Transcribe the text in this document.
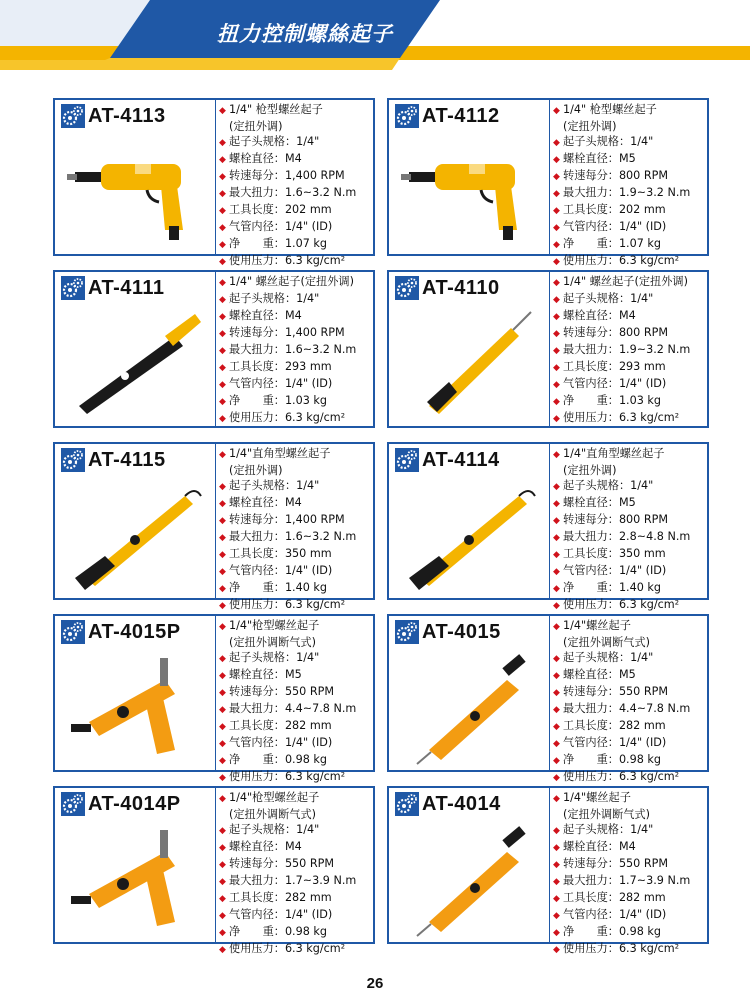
扭力控制螺絲起子
AT-4113	◆ 1/4" 枪型螺丝起子
(定扭外调)
◆ 起子头规格：1/4"
◆ 螺栓直径：M4
◆ 转速每分：1,400 RPM
◆ 最大扭力：1.6~3.2 N.m
◆ 工具长度：202 mm
◆ 气管内径：1/4" (ID)
◆ 净　　重：1.07 kg
◆ 使用压力：6.3 kg/cm²
AT-4112	◆ 1/4" 枪型螺丝起子
(定扭外调)
◆ 起子头规格：1/4"
◆ 螺栓直径：M5
◆ 转速每分：800 RPM
◆ 最大扭力：1.9~3.2 N.m
◆ 工具长度：202 mm
◆ 气管内径：1/4" (ID)
◆ 净　　重：1.07 kg
◆ 使用压力：6.3 kg/cm²
AT-4111	◆ 1/4" 螺丝起子(定扭外调)
◆ 起子头规格：1/4"
◆ 螺栓直径：M4
◆ 转速每分：1,400 RPM
◆ 最大扭力：1.6~3.2 N.m
◆ 工具长度：293 mm
◆ 气管内径：1/4" (ID)
◆ 净　　重：1.03 kg
◆ 使用压力：6.3 kg/cm²
AT-4110	◆ 1/4" 螺丝起子(定扭外调)
◆ 起子头规格：1/4"
◆ 螺栓直径：M4
◆ 转速每分：800 RPM
◆ 最大扭力：1.9~3.2 N.m
◆ 工具长度：293 mm
◆ 气管内径：1/4" (ID)
◆ 净　　重：1.03 kg
◆ 使用压力：6.3 kg/cm²
AT-4115	◆ 1/4"直角型螺丝起子
(定扭外调)
◆ 起子头规格：1/4"
◆ 螺栓直径：M4
◆ 转速每分：1,400 RPM
◆ 最大扭力：1.6~3.2 N.m
◆ 工具长度：350 mm
◆ 气管内径：1/4" (ID)
◆ 净　　重：1.40 kg
◆ 使用压力：6.3 kg/cm²
AT-4114	◆ 1/4"直角型螺丝起子
(定扭外调)
◆ 起子头规格：1/4"
◆ 螺栓直径：M5
◆ 转速每分：800 RPM
◆ 最大扭力：2.8~4.8 N.m
◆ 工具长度：350 mm
◆ 气管内径：1/4" (ID)
◆ 净　　重：1.40 kg
◆ 使用压力：6.3 kg/cm²
AT-4015P	◆ 1/4"枪型螺丝起子
(定扭外调断气式)
◆ 起子头规格：1/4"
◆ 螺栓直径：M5
◆ 转速每分：550 RPM
◆ 最大扭力：4.4~7.8 N.m
◆ 工具长度：282 mm
◆ 气管内径：1/4" (ID)
◆ 净　　重：0.98 kg
◆ 使用压力：6.3 kg/cm²
AT-4015	◆ 1/4"螺丝起子
(定扭外调断气式)
◆ 起子头规格：1/4"
◆ 螺栓直径：M5
◆ 转速每分：550 RPM
◆ 最大扭力：4.4~7.8 N.m
◆ 工具长度：282 mm
◆ 气管内径：1/4" (ID)
◆ 净　　重：0.98 kg
◆ 使用压力：6.3 kg/cm²
AT-4014P	◆ 1/4"枪型螺丝起子
(定扭外调断气式)
◆ 起子头规格：1/4"
◆ 螺栓直径：M4
◆ 转速每分：550 RPM
◆ 最大扭力：1.7~3.9 N.m
◆ 工具长度：282 mm
◆ 气管内径：1/4" (ID)
◆ 净　　重：0.98 kg
◆ 使用压力：6.3 kg/cm²
AT-4014	◆ 1/4"螺丝起子
(定扭外调断气式)
◆ 起子头规格：1/4"
◆ 螺栓直径：M4
◆ 转速每分：550 RPM
◆ 最大扭力：1.7~3.9 N.m
◆ 工具长度：282 mm
◆ 气管内径：1/4" (ID)
◆ 净　　重：0.98 kg
◆ 使用压力：6.3 kg/cm²
26
